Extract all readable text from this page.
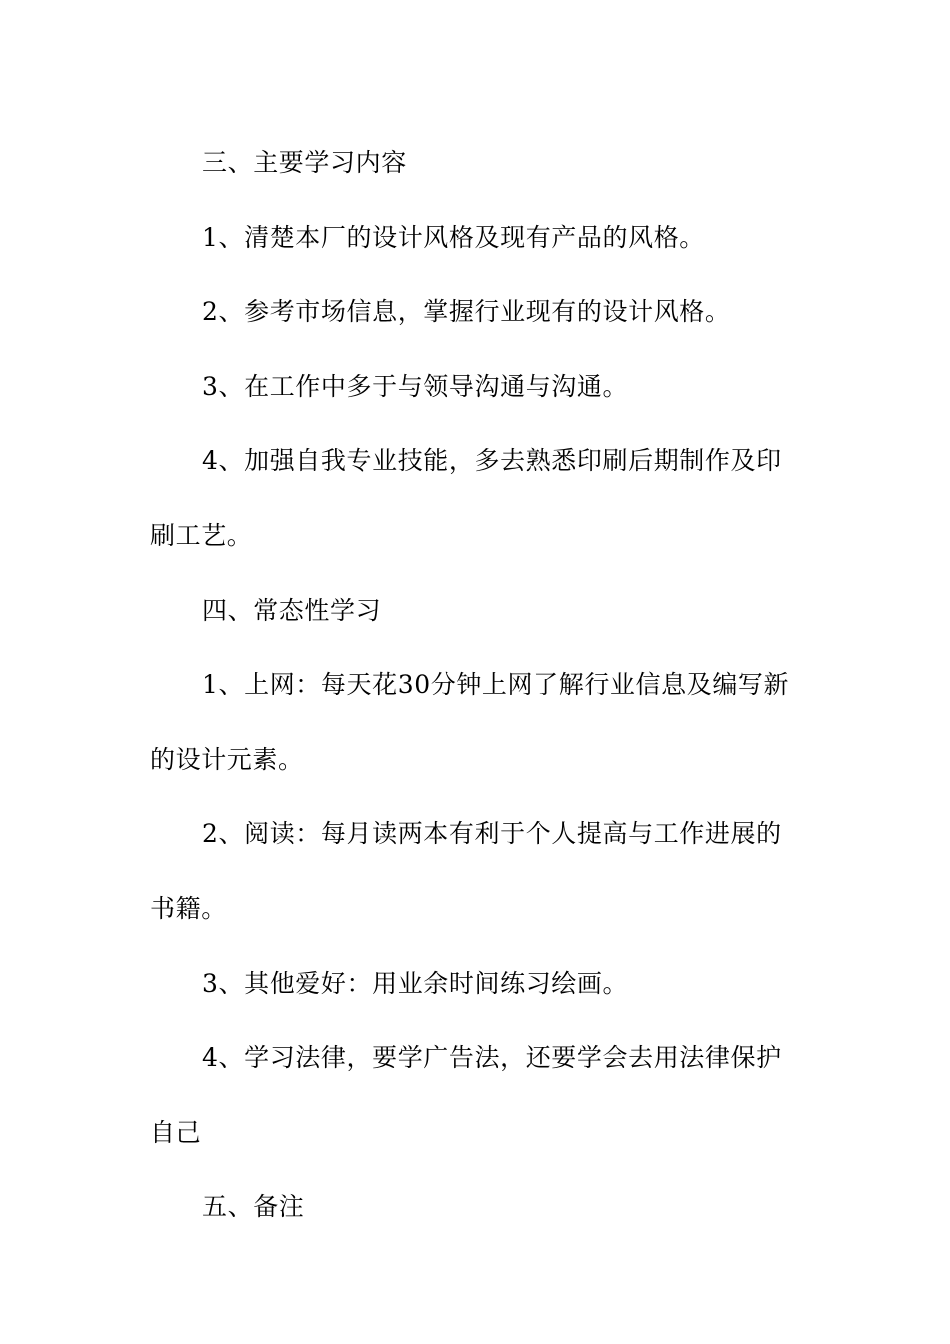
三、主要学习内容

1、清楚本厂的设计风格及现有产品的风格。

2、参考市场信息，掌握行业现有的设计风格。

3、在工作中多于与领导沟通与沟通。

4、加强自我专业技能，多去熟悉印刷后期制作及印刷工艺。

四、常态性学习

1、上网：每天花30分钟上网了解行业信息及编写新的设计元素。

2、阅读：每月读两本有利于个人提高与工作进展的书籍。

3、其他爱好：用业余时间练习绘画。

4、学习法律，要学广告法，还要学会去用法律保护自己

五、备注
